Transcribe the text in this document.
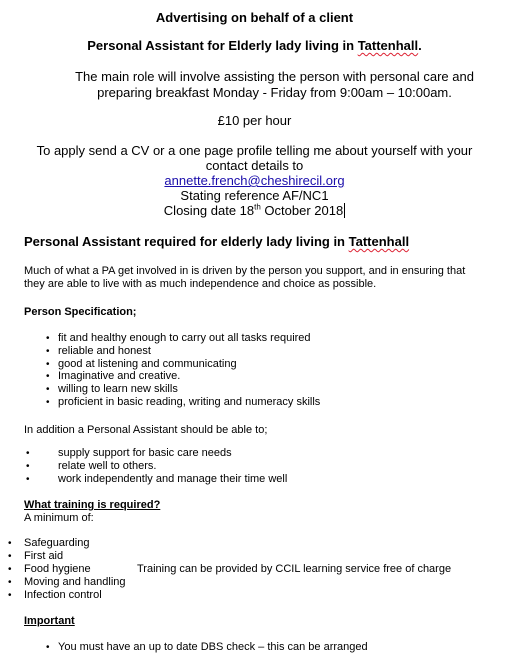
Advertising on behalf of a client
Personal Assistant for Elderly lady living in Tattenhall.
The main role will involve assisting the person with personal care and
preparing breakfast Monday - Friday from 9:00am – 10:00am.
£10 per hour
To apply send a CV or a one page profile telling me about yourself with your
contact details to
annette.french@cheshirecil.org
Stating reference AF/NC1
Closing date 18th October 2018
Personal Assistant required for elderly lady living in Tattenhall
Much of what a PA get involved in is driven by the person you support, and in ensuring that
they are able to live with as much independence and choice as possible.
Person Specification;
• fit and healthy enough to carry out all tasks required
• reliable and honest
• good at listening and communicating
• Imaginative and creative.
• willing to learn new skills
• proficient in basic reading, writing and numeracy skills
In addition a Personal Assistant should be able to;
•	supply support for basic care needs
•	relate well to others.
•	work independently and manage their time well
What training is required?
A minimum of:
• Safeguarding
• First aid
• Food hygiene
• Moving and handling
• Infection control
Training can be provided by CCIL learning service free of charge
Important
• You must have an up to date DBS check – this can be arranged
